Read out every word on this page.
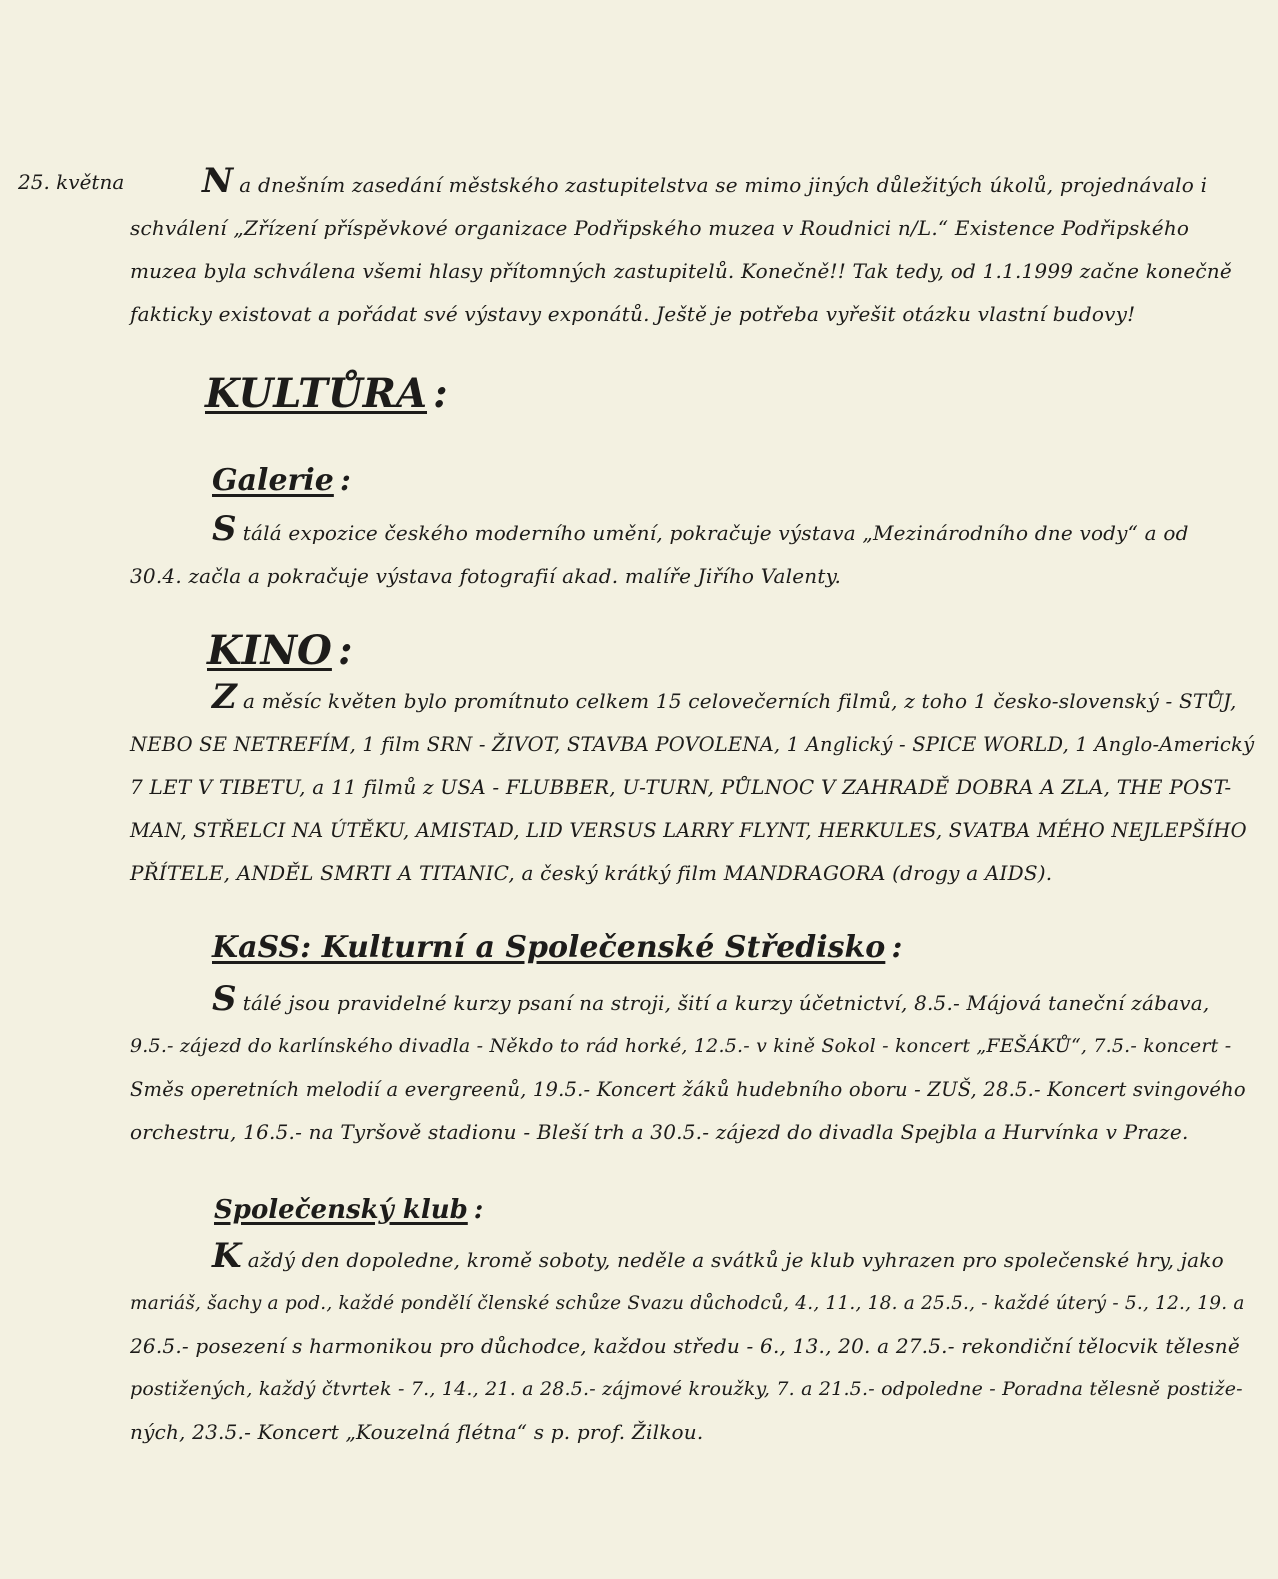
25. května Na dnešním zasedání městského zastupitelstva se mimo jiných důležitých úkolů, projednávalo i
schválení „Zřízení příspěvkové organizace Podřipského muzea v Roudnici n/L.“ Existence Podřipského
muzea byla schválena všemi hlasy přítomných zastupitelů. Konečně!! Tak tedy, od 1.1.1999 začne konečně
fakticky existovat a pořádat své výstavy exponátů. Ještě je potřeba vyřešit otázku vlastní budovy!
KULTŮRA :
Galerie :
Stálá expozice českého moderního umění, pokračuje výstava „Mezinárodního dne vody“ a od
30.4. začla a pokračuje výstava fotografií akad. malíře Jiřího Valenty.
KINO :
Za měsíc květen bylo promítnuto celkem 15 celovečerních filmů, z toho 1 česko-slovenský - STŮJ,
NEBO SE NETREFÍM, 1 film SRN - ŽIVOT, STAVBA POVOLENA, 1 Anglický - SPICE WORLD, 1 Anglo-Americký
7 LET V TIBETU, a 11 filmů z USA - FLUBBER, U-TURN, PŮLNOC V ZAHRADĚ DOBRA A ZLA, THE POST-
MAN, STŘELCI NA ÚTĚKU, AMISTAD, LID VERSUS LARRY FLYNT, HERKULES, SVATBA MÉHO NEJLEPŠÍHO
PŘÍTELE, ANDĚL SMRTI A TITANIC, a český krátký film MANDRAGORA (drogy a AIDS).
KaSS: Kulturní a Společenské Středisko :
Stálé jsou pravidelné kurzy psaní na stroji, šití a kurzy účetnictví, 8.5.- Májová taneční zábava,
9.5.- zájezd do karlínského divadla - Někdo to rád horké, 12.5.- v kině Sokol - koncert „FEŠÁKŮ“, 7.5.- koncert -
Směs operetních melodií a evergreenů, 19.5.- Koncert žáků hudebního oboru - ZUŠ, 28.5.- Koncert svingového
orchestru, 16.5.- na Tyršově stadionu - Bleší trh a 30.5.- zájezd do divadla Spejbla a Hurvínka v Praze.
Společenský klub :
Každý den dopoledne, kromě soboty, neděle a svátků je klub vyhrazen pro společenské hry, jako
mariáš, šachy a pod., každé pondělí členské schůze Svazu důchodců, 4., 11., 18. a 25.5., - každé úterý - 5., 12., 19. a
26.5.- posezení s harmonikou pro důchodce, každou středu - 6., 13., 20. a 27.5.- rekondiční tělocvik tělesně
postižených, každý čtvrtek - 7., 14., 21. a 28.5.- zájmové kroužky, 7. a 21.5.- odpoledne - Poradna tělesně postiže-
ných, 23.5.- Koncert „Kouzelná flétna“ s p. prof. Žilkou.
